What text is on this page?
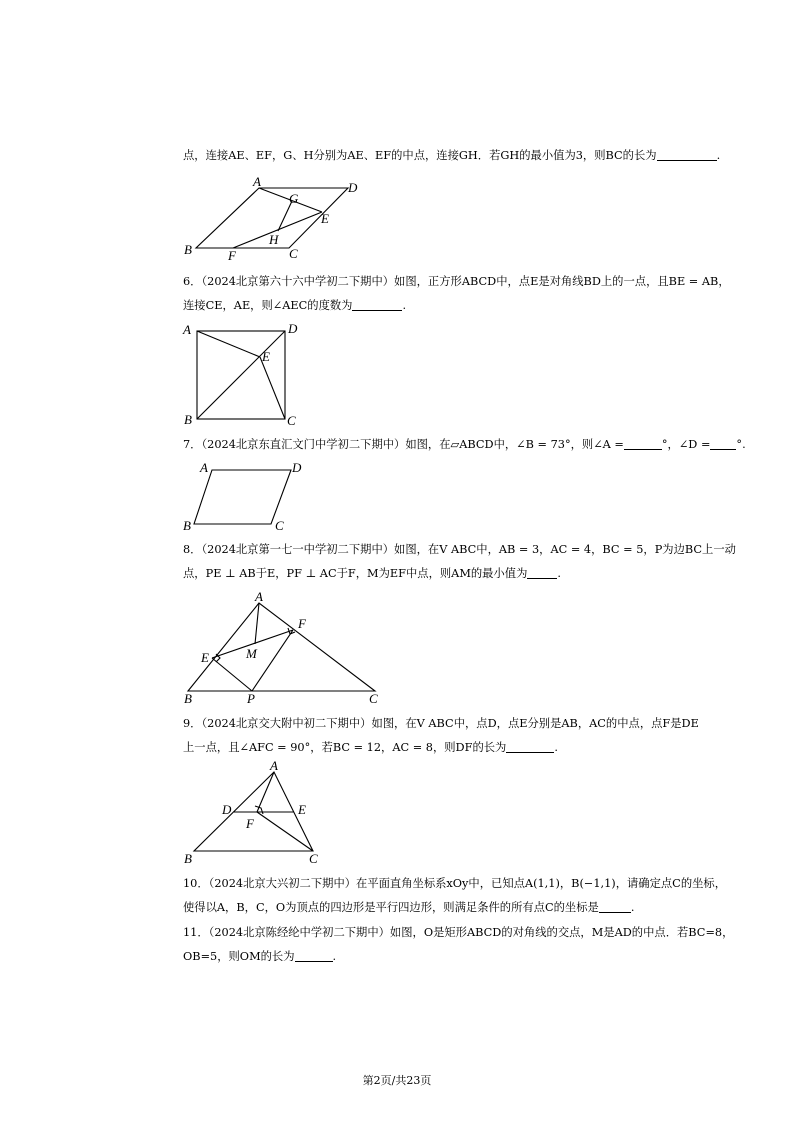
点，连接AE、EF，G、H分别为AE、EF的中点，连接GH．若GH的最小值为3，则BC的长为	.
A	D
G
E
H
B	F	C
6．（2024北京第六十六中学初二下期中）如图，正方形ABCD中，点E是对角线BD上的一点，且BE = AB，
连接CE，AE，则∠AEC的度数为	.
A	D
E
B	C
7．（2024北京东直汇文门中学初二下期中）如图，在▱ABCD中，∠B = 73°，则∠A =	°，∠D = °.
A	D
B	C
8．（2024北京第一七一中学初二下期中）如图，在V ABC中，AB = 3，AC = 4，BC = 5，P为边BC上一动
点，PE ⊥ AB于E，PF ⊥ AC于F，M为EF中点，则AM的最小值为	.
A
F
M
E
B	P	C
9．（2024北京交大附中初二下期中）如图，在V ABC中，点D，点E分别是AB，AC的中点，点F是DE
上一点，且∠AFC = 90°，若BC = 12，AC = 8，则DF的长为	.
A
D	E
F
B	C
10．（2024北京大兴初二下期中）在平面直角坐标系xOy中，已知点A(1,1)，B(−1,1)，请确定点C的坐标，
使得以A，B，C，O为顶点的四边形是平行四边形，则满足条件的所有点C的坐标是	.
11．（2024北京陈经纶中学初二下期中）如图，O是矩形ABCD的对角线的交点，M是AD的中点．若BC=8，
OB=5，则OM的长为	.
第2页/共23页
